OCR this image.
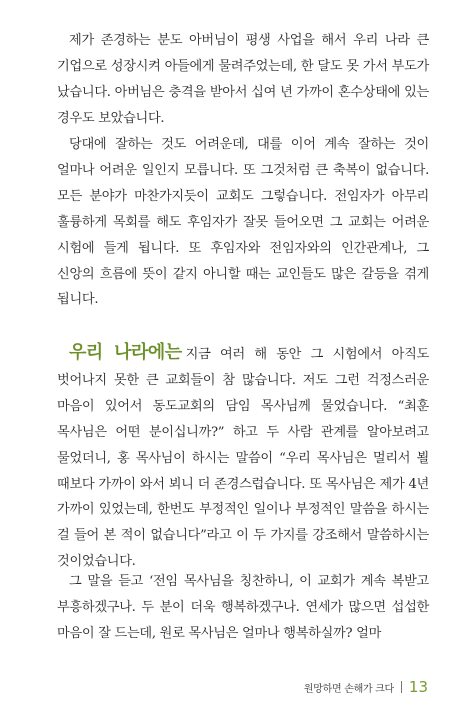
제가 존경하는 분도 아버님이 평생 사업을 해서 우리 나라 큰 기업으로 성장시켜 아들에게 물려주었는데, 한 달도 못 가서 부도가 났습니다. 아버님은 충격을 받아서 십여 년 가까이 혼수상태에 있는 경우도 보았습니다.

당대에 잘하는 것도 어려운데, 대를 이어 계속 잘하는 것이 얼마나 어려운 일인지 모릅니다. 또 그것처럼 큰 축복이 없습니다. 모든 분야가 마찬가지듯이 교회도 그렇습니다. 전임자가 아무리 훌륭하게 목회를 해도 후임자가 잘못 들어오면 그 교회는 어려운 시험에 들게 됩니다. 또 후임자와 전임자와의 인간관계나, 그 신앙의 흐름에 뜻이 같지 아니할 때는 교인들도 많은 갈등을 겪게 됩니다.

우리 나라에는 지금 여러 해 동안 그 시험에서 아직도 벗어나지 못한 큰 교회들이 참 많습니다. 저도 그런 걱정스러운 마음이 있어서 동도교회의 담임 목사님께 물었습니다. “최훈 목사님은 어떤 분이십니까?” 하고 두 사람 관계를 알아보려고 물었더니, 홍 목사님이 하시는 말씀이 “우리 목사님은 멀리서 뵐 때보다 가까이 와서 뵈니 더 존경스럽습니다. 또 목사님은 제가 4년 가까이 있었는데, 한번도 부정적인 일이나 부정적인 말씀을 하시는 걸 들어 본 적이 없습니다”라고 이 두 가지를 강조해서 말씀하시는 것이었습니다.

그 말을 듣고 ‘전임 목사님을 칭찬하니, 이 교회가 계속 복받고 부흥하겠구나. 두 분이 더욱 행복하겠구나. 연세가 많으면 섭섭한 마음이 잘 드는데, 원로 목사님은 얼마나 행복하실까? 얼마

원망하면 손해가 크다 13
